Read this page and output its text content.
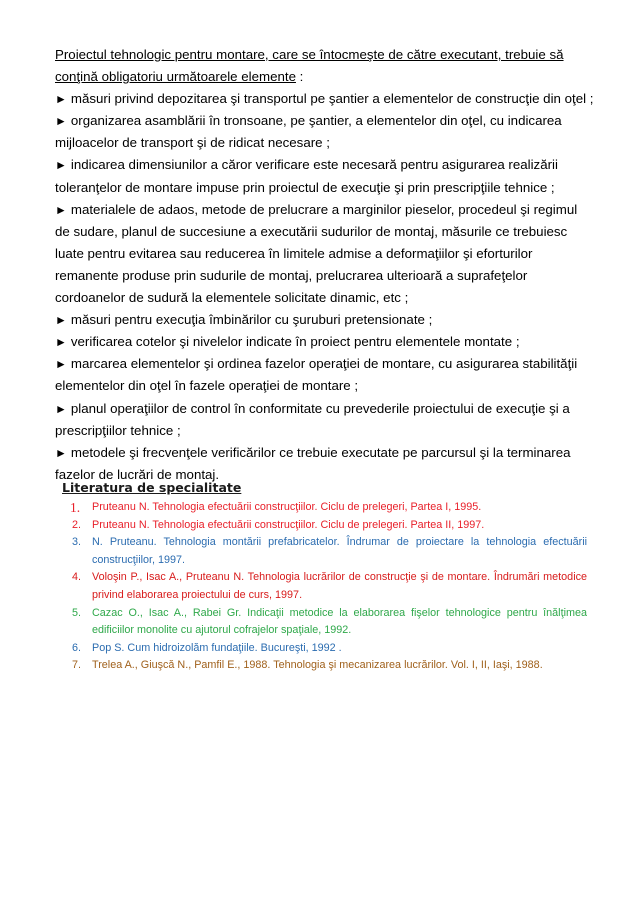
Proiectul tehnologic pentru montare, care se întocmeşte de către executant, trebuie să conţină obligatoriu următoarele elemente :

► măsuri privind depozitarea şi transportul pe şantier a elementelor de construcţie din oţel ;

► organizarea asamblării în tronsoane, pe şantier, a elementelor din oţel, cu indicarea mijloacelor de transport şi de ridicat necesare ;

► indicarea dimensiunilor a căror verificare este necesară pentru asigurarea realizării toleranţelor de montare impuse prin proiectul de execuţie şi prin prescripţiile tehnice ;

► materialele de adaos, metode de prelucrare a marginilor pieselor, procedeul şi regimul de sudare, planul de succesiune a executării sudurilor de montaj, măsurile ce trebuiesc luate pentru evitarea sau reducerea în limitele admise a deformaţiilor şi eforturilor remanente produse prin sudurile de montaj, prelucrarea ulterioară a suprafeţelor cordoanelor de sudură la elementele solicitate dinamic, etc ;

► măsuri pentru execuţia îmbinărilor cu şuruburi pretensionate ;

► verificarea cotelor şi nivelelor indicate în proiect pentru elementele montate ;

► marcarea elementelor şi ordinea fazelor operaţiei de montare, cu asigurarea stabilităţii elementelor din oţel în fazele operaţiei de montare ;

► planul operaţiilor de control în conformitate cu prevederile proiectului de execuţie şi a prescripţiilor tehnice ;

► metodele şi frecvenţele verificărilor ce trebuie executate pe parcursul şi la terminarea fazelor de lucrări de montaj.

Literatura de specialitate
1. Pruteanu N. Tehnologia efectuării construcţiilor. Ciclu de prelegeri, Partea I, 1995.
2. Pruteanu N. Tehnologia efectuării construcţiilor. Ciclu de prelegeri. Partea II, 1997.
3. N. Pruteanu. Tehnologia montării prefabricatelor. Îndrumar de proiectare la tehnologia efectuării construcţiilor, 1997.
4. Voloşin P., Isac A., Pruteanu N. Tehnologia lucrărilor de construcţie şi de montare. Îndrumări metodice privind elaborarea proiectului de curs, 1997.
5. Cazac O., Isac A., Rabei Gr. Indicaţii metodice la elaborarea fişelor tehnologice pentru înălţimea edificiilor monolite cu ajutorul cofrajelor spaţiale, 1992.
6. Pop S. Cum hidroizolăm fundaţiile. Bucureşti, 1992 .
7. Trelea A., Giuşcă N., Pamfil E., 1988. Tehnologia şi mecanizarea lucrărilor. Vol. I, II, Iaşi, 1988.
